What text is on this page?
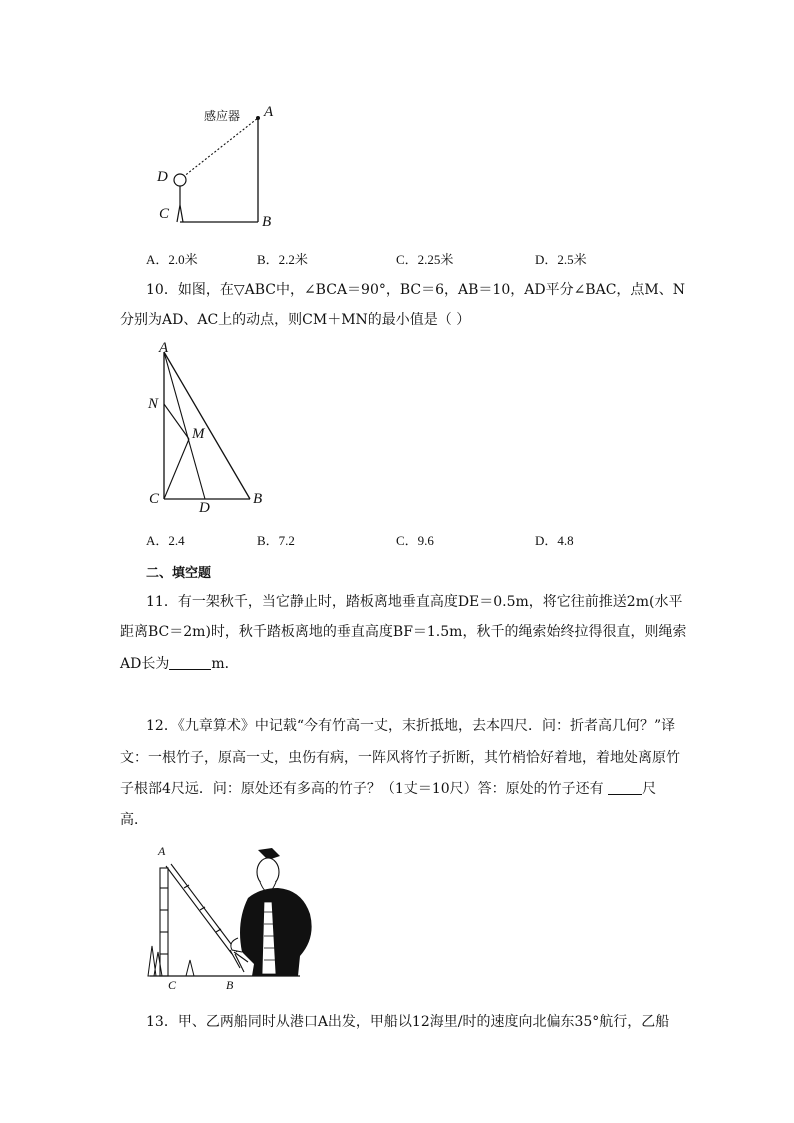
感应器 A
B
C
D
A．2.0米	B．2.2米	C．2.25米	D．2.5米
10．如图，在▽ABC中，∠BCA＝90°，BC＝6，AB＝10，AD平分∠BAC，点M、N
分别为AD、AC上的动点，则CM＋MN的最小值是（ ）
A
N
M
C
D
B
A．2.4	B．7.2	C．9.6	D．4.8
二、填空题
11．有一架秋千，当它静止时，踏板离地垂直高度DE＝0.5m，将它往前推送2m(水平
距离BC＝2m)时，秋千踏板离地的垂直高度BF＝1.5m，秋千的绳索始终拉得很直，则绳索
AD长为	m．
12．《九章算术》中记载“今有竹高一丈，末折抵地，去本四尺．问：折者高几何？”译
文：一根竹子，原高一丈，虫伤有病，一阵风将竹子折断，其竹梢恰好着地，着地处离原竹
子根部4尺远．问：原处还有多高的竹子？（1丈＝10尺）答：原处的竹子还有 尺
高．
A
C	B
13．甲、乙两船同时从港口A出发，甲船以12海里/时的速度向北偏东35°航行，乙船
